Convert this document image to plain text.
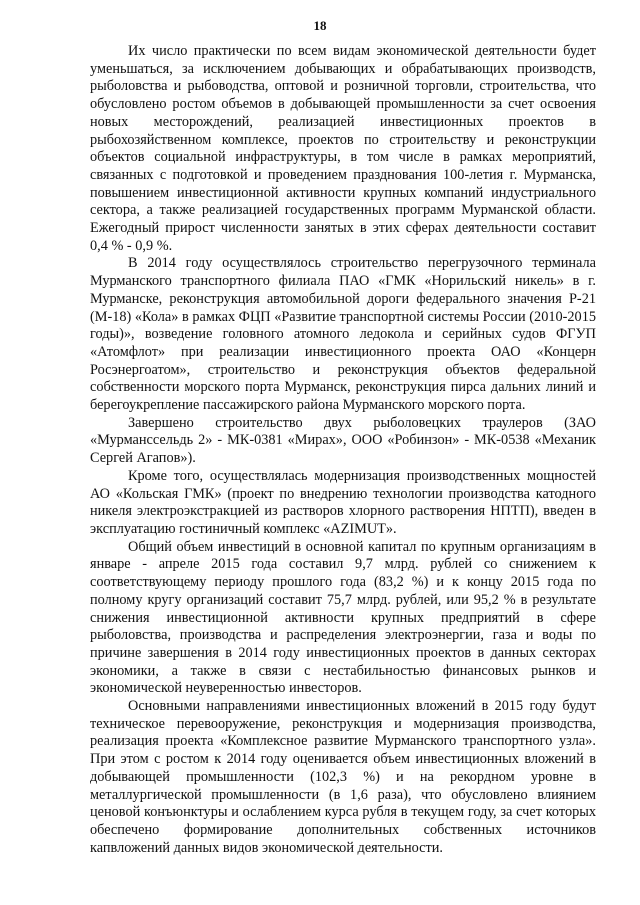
18

Их число практически по всем видам экономической деятельности будет уменьшаться, за исключением добывающих и обрабатывающих производств, рыболовства и рыбоводства, оптовой и розничной торговли, строительства, что обусловлено ростом объемов в добывающей промышленности за счет освоения новых месторождений, реализацией инвестиционных проектов в рыбохозяйственном комплексе, проектов по строительству и реконструкции объектов социальной инфраструктуры, в том числе в рамках мероприятий, связанных с подготовкой и проведением празднования 100-летия г. Мурманска, повышением инвестиционной активности крупных компаний индустриального сектора, а также реализацией государственных программ Мурманской области. Ежегодный прирост численности занятых в этих сферах деятельности составит 0,4 % - 0,9 %.

В 2014 году осуществлялось строительство перегрузочного терминала Мурманского транспортного филиала ПАО «ГМК «Норильский никель» в г. Мурманске, реконструкция автомобильной дороги федерального значения Р-21 (М-18) «Кола» в рамках ФЦП «Развитие транспортной системы России (2010-2015 годы)», возведение головного атомного ледокола и серийных судов ФГУП «Атомфлот» при реализации инвестиционного проекта ОАО «Концерн Росэнергоатом», строительство и реконструкция объектов федеральной собственности морского порта Мурманск, реконструкция пирса дальних линий и берегоукрепление пассажирского района Мурманского морского порта.

Завершено строительство двух рыболовецких траулеров (ЗАО «Мурманссельдь 2» - МК-0381 «Мирах», ООО «Робинзон» - МК-0538 «Механик Сергей Агапов»).

Кроме того, осуществлялась модернизация производственных мощностей АО «Кольская ГМК» (проект по внедрению технологии производства катодного никеля электроэкстракцией из растворов хлорного растворения НПТП), введен в эксплуатацию гостиничный комплекс «AZIMUT».

Общий объем инвестиций в основной капитал по крупным организациям в январе - апреле 2015 года составил 9,7 млрд. рублей со снижением к соответствующему периоду прошлого года (83,2 %) и к концу 2015 года по полному кругу организаций составит 75,7 млрд. рублей, или 95,2 % в результате снижения инвестиционной активности крупных предприятий в сфере рыболовства, производства и распределения электроэнергии, газа и воды по причине завершения в 2014 году инвестиционных проектов в данных секторах экономики, а также в связи с нестабильностью финансовых рынков и экономической неуверенностью инвесторов.

Основными направлениями инвестиционных вложений в 2015 году будут техническое перевооружение, реконструкция и модернизация производства, реализация проекта «Комплексное развитие Мурманского транспортного узла». При этом с ростом к 2014 году оценивается объем инвестиционных вложений в добывающей промышленности (102,3 %) и на рекордном уровне в металлургической промышленности (в 1,6 раза), что обусловлено влиянием ценовой конъюнктуры и ослаблением курса рубля в текущем году, за счет которых обеспечено формирование дополнительных собственных источников капвложений данных видов экономической деятельности.
